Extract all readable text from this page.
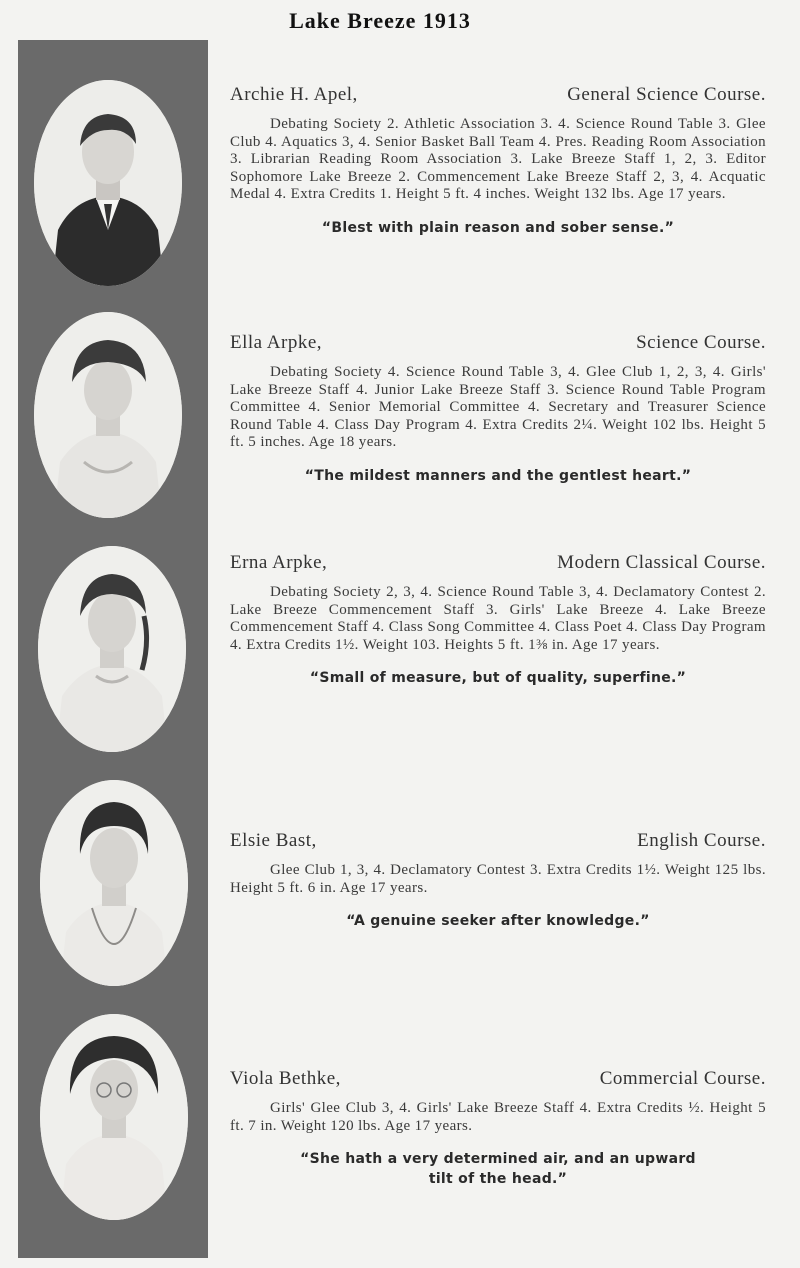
Lake Breeze 1913
Archie H. Apel,	General Science Course.
Debating Society 2. Athletic Association 3. 4. Science Round Table 3. Glee Club 4. Aquatics 3, 4. Senior Basket Ball Team 4. Pres. Reading Room Association 3. Librarian Reading Room Association 3. Lake Breeze Staff 1, 2, 3. Editor Sophomore Lake Breeze 2. Commencement Lake Breeze Staff 2, 3, 4. Acquatic Medal 4. Extra Credits 1. Height 5 ft. 4 inches. Weight 132 lbs. Age 17 years.
“Blest with plain reason and sober sense.”
Ella Arpke,	Science Course.
Debating Society 4. Science Round Table 3, 4. Glee Club 1, 2, 3, 4. Girls' Lake Breeze Staff 4. Junior Lake Breeze Staff 3. Science Round Table Program Committee 4. Senior Memorial Committee 4. Secretary and Treasurer Science Round Table 4. Class Day Program 4. Extra Credits 2¼. Weight 102 lbs. Height 5 ft. 5 inches. Age 18 years.
“The mildest manners and the gentlest heart.”
Erna Arpke,	Modern Classical Course.
Debating Society 2, 3, 4. Science Round Table 3, 4. Declamatory Contest 2. Lake Breeze Commencement Staff 3. Girls' Lake Breeze 4. Lake Breeze Commencement Staff 4. Class Song Committee 4. Class Poet 4. Class Day Program 4. Extra Credits 1½. Weight 103. Heights 5 ft. 1⅜ in. Age 17 years.
“Small of measure, but of quality, superfine.”
Elsie Bast,	English Course.
Glee Club 1, 3, 4. Declamatory Contest 3. Extra Credits 1½. Weight 125 lbs. Height 5 ft. 6 in. Age 17 years.
“A genuine seeker after knowledge.”
Viola Bethke,	Commercial Course.
Girls' Glee Club 3, 4. Girls' Lake Breeze Staff 4. Extra Credits ½. Height 5 ft. 7 in. Weight 120 lbs. Age 17 years.
“She hath a very determined air, and an upward
tilt of the head.”
